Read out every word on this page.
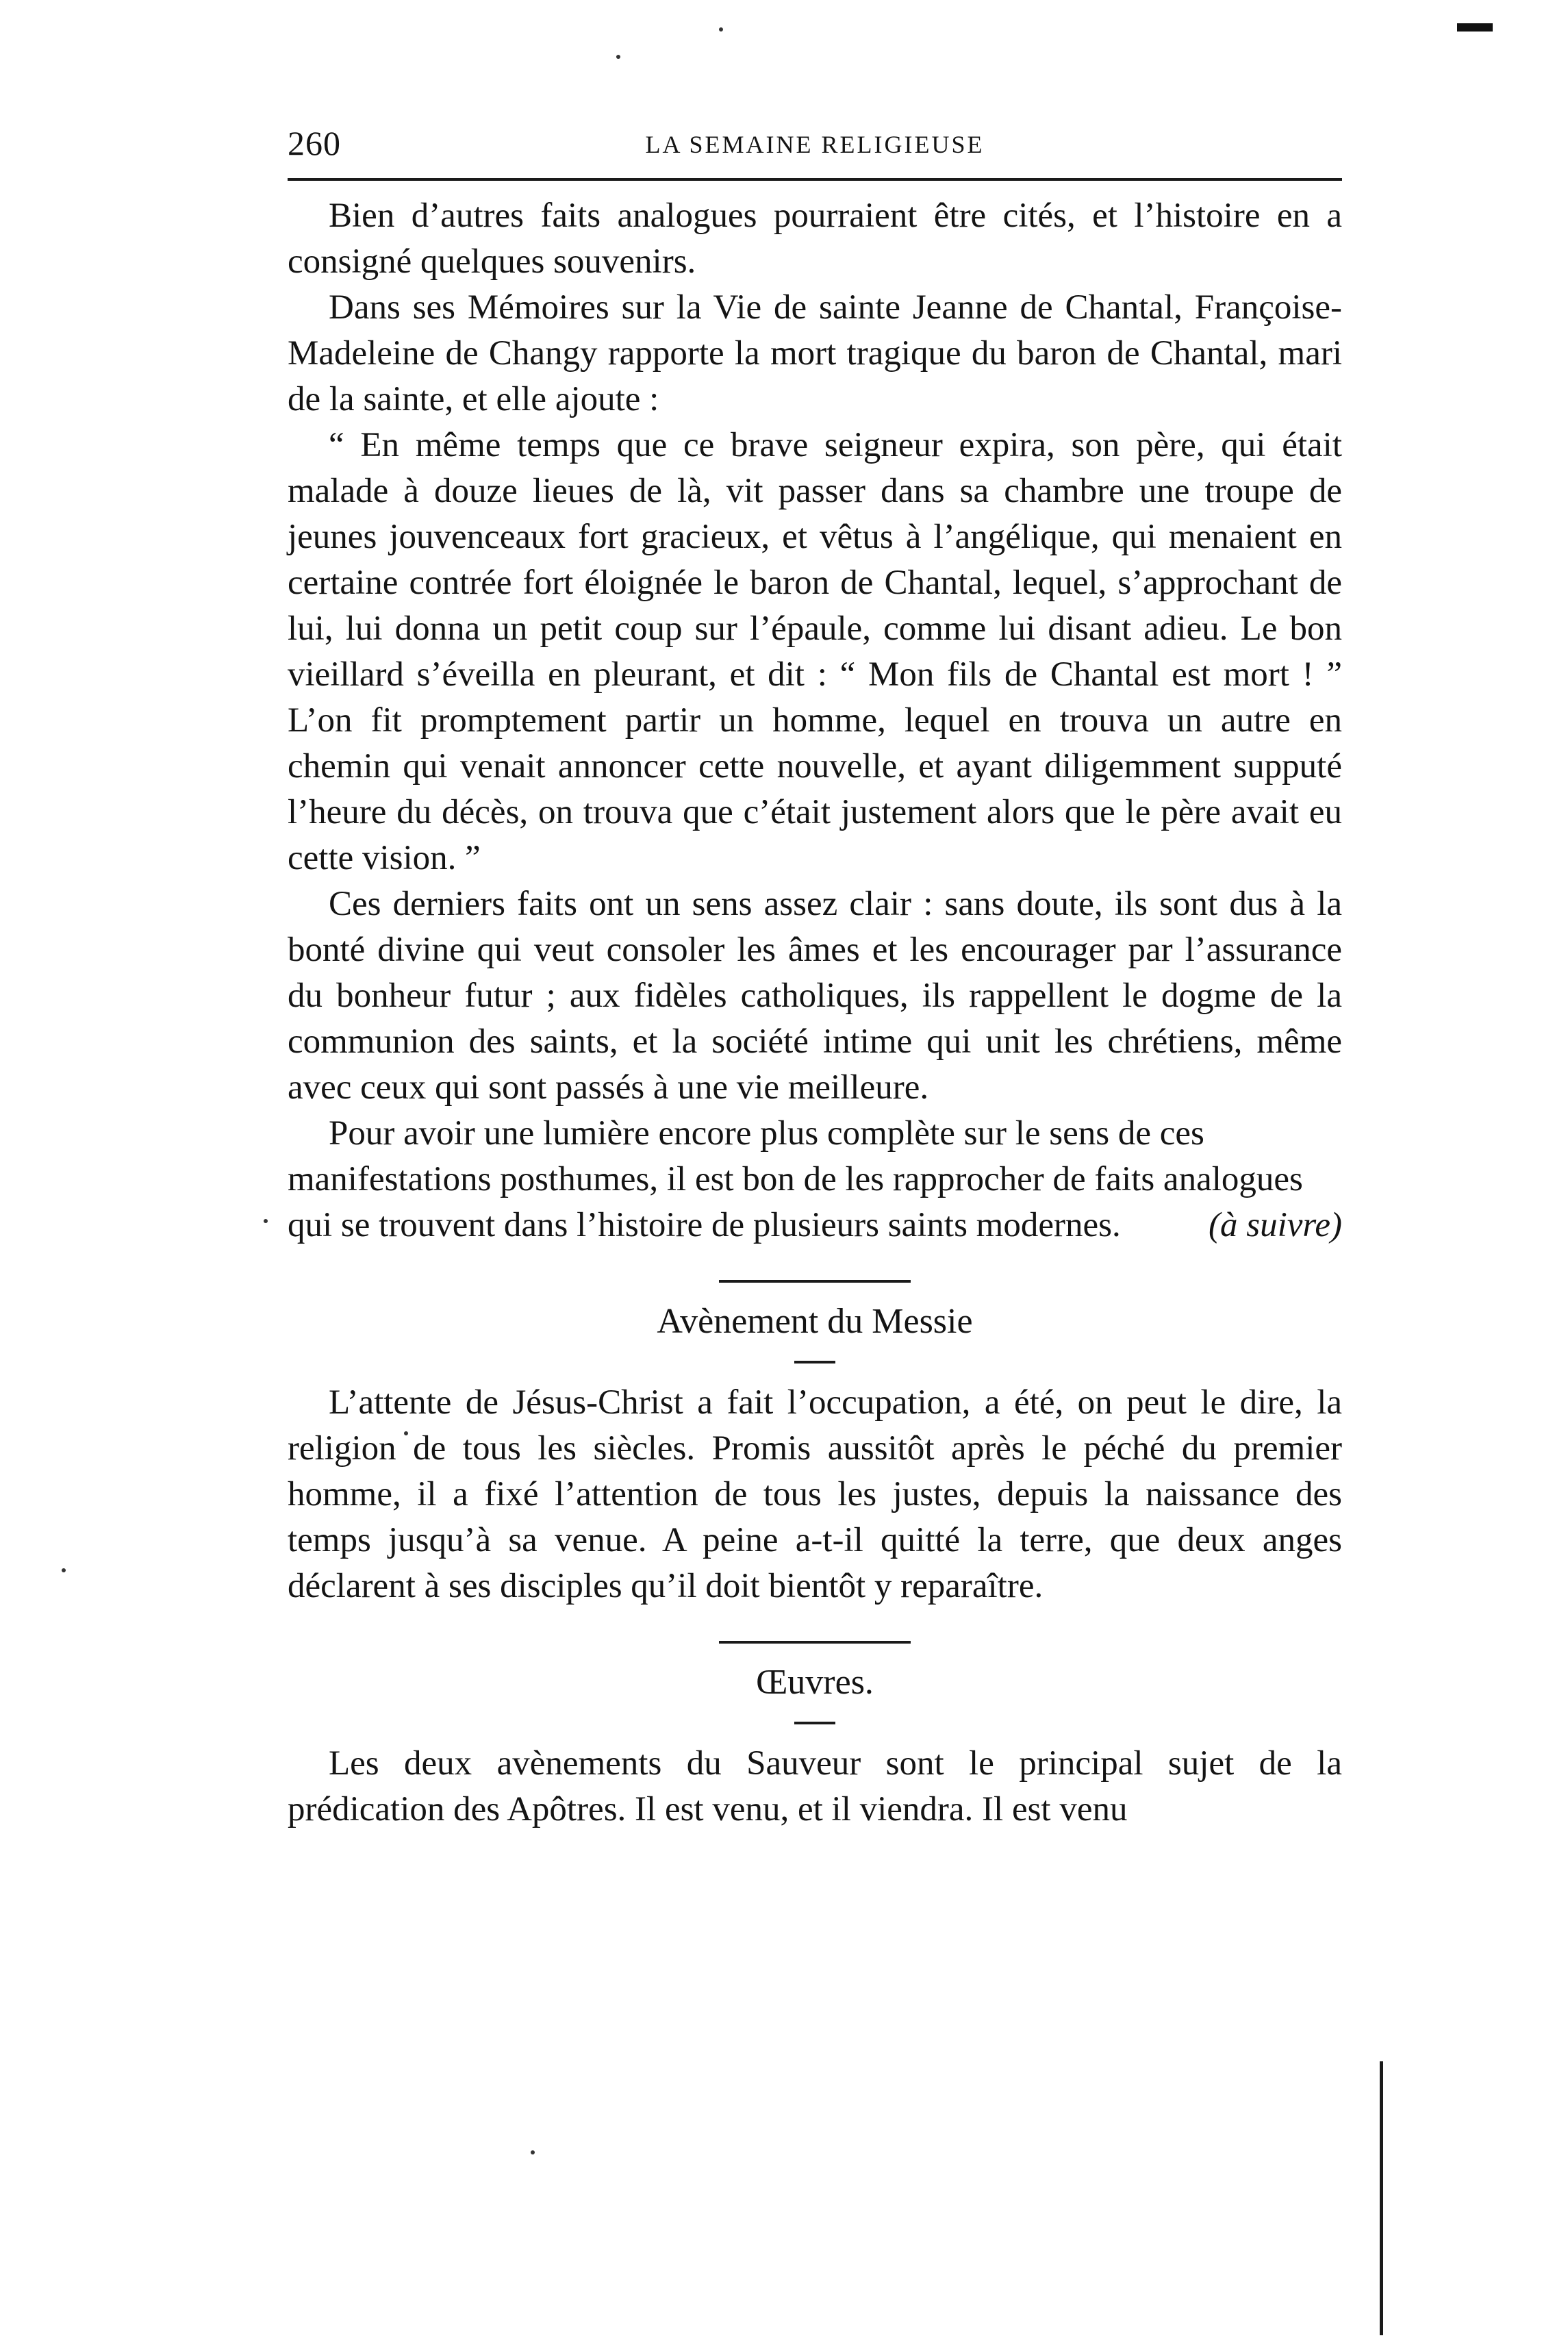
260	LA SEMAINE RELIGIEUSE

Bien d’autres faits analogues pourraient être cités, et l’histoire en a consigné quelques souvenirs.

Dans ses Mémoires sur la Vie de sainte Jeanne de Chantal, Françoise-Madeleine de Changy rapporte la mort tragique du baron de Chantal, mari de la sainte, et elle ajoute :

“ En même temps que ce brave seigneur expira, son père, qui était malade à douze lieues de là, vit passer dans sa chambre une troupe de jeunes jouvenceaux fort gracieux, et vêtus à l’angélique, qui menaient en certaine contrée fort éloignée le baron de Chantal, lequel, s’approchant de lui, lui donna un petit coup sur l’épaule, comme lui disant adieu. Le bon vieillard s’éveilla en pleurant, et dit : “ Mon fils de Chantal est mort ! ” L’on fit promptement partir un homme, lequel en trouva un autre en chemin qui venait annoncer cette nouvelle, et ayant diligemment supputé l’heure du décès, on trouva que c’était justement alors que le père avait eu cette vision. ”

Ces derniers faits ont un sens assez clair : sans doute, ils sont dus à la bonté divine qui veut consoler les âmes et les encourager par l’assurance du bonheur futur ; aux fidèles catholiques, ils rappellent le dogme de la communion des saints, et la société intime qui unit les chrétiens, même avec ceux qui sont passés à une vie meilleure.

Pour avoir une lumière encore plus complète sur le sens de ces manifestations posthumes, il est bon de les rapprocher de faits analogues qui se trouvent dans l’histoire de plusieurs saints modernes.	(à suivre)

Avènement du Messie

L’attente de Jésus-Christ a fait l’occupation, a été, on peut le dire, la religion de tous les siècles. Promis aussitôt après le péché du premier homme, il a fixé l’attention de tous les justes, depuis la naissance des temps jusqu’à sa venue. A peine a-t-il quitté la terre, que deux anges déclarent à ses disciples qu’il doit bientôt y reparaître.

Œuvres.

Les deux avènements du Sauveur sont le principal sujet de la prédication des Apôtres. Il est venu, et il viendra. Il est venu
